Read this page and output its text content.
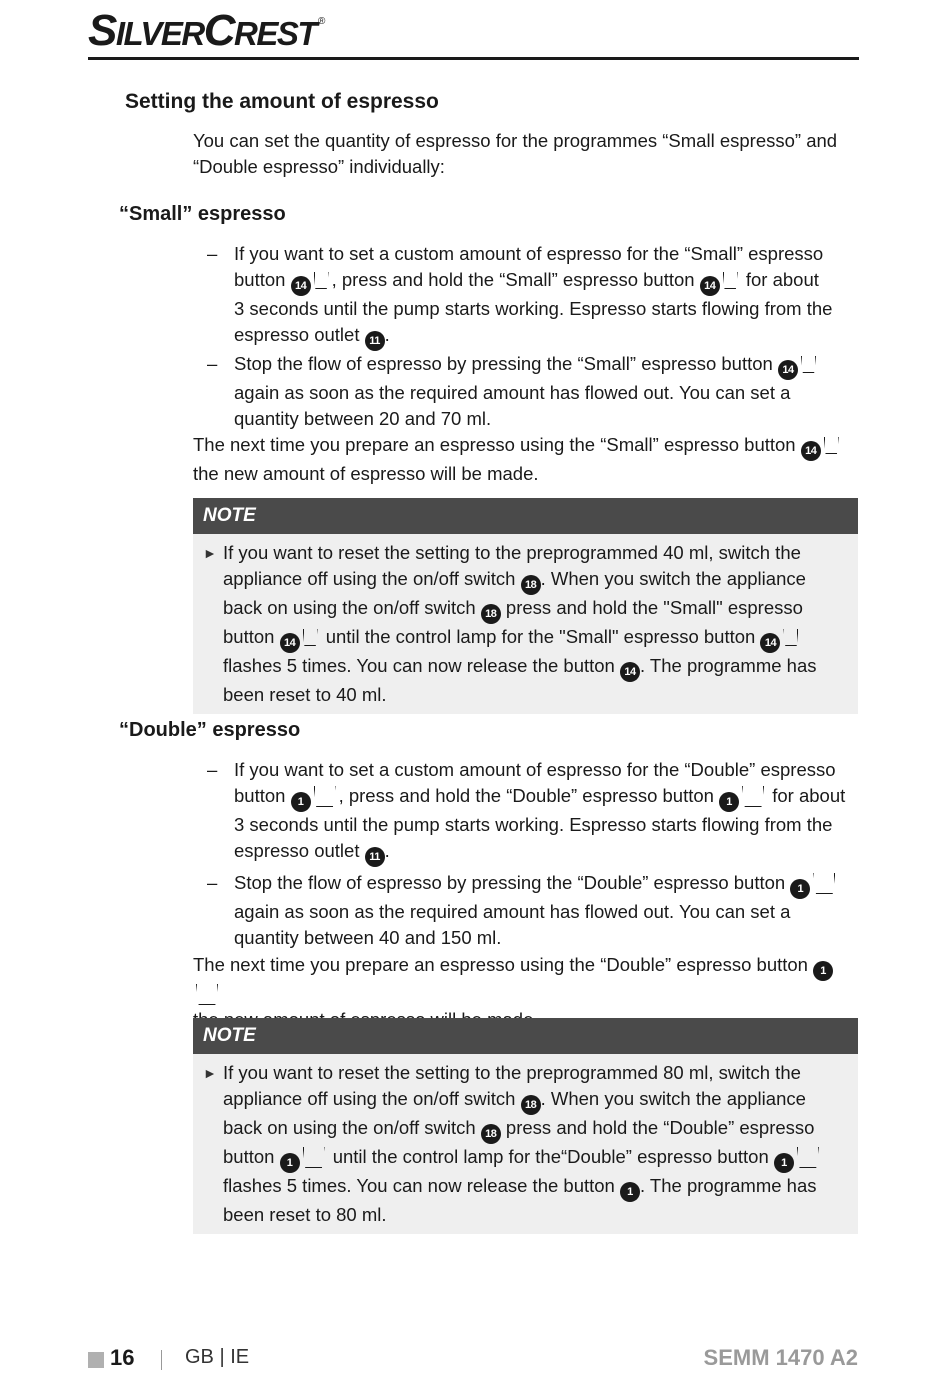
SILVERCREST ®
Setting the amount of espresso
You can set the quantity of espresso for the programmes “Small espresso” and
“Double espresso” individually:
“Small” espresso
– If you want to set a custom amount of espresso for the “Small” espresso
button 14 , press and hold the “Small” espresso button 14 for about
3 seconds until the pump starts working. Espresso starts flowing from the
espresso outlet 11 .
– Stop the flow of espresso by pressing the “Small” espresso button 14
again as soon as the required amount has flowed out. You can set a
quantity between 20 and 70 ml.
The next time you prepare an espresso using the “Small” espresso button 14
the new amount of espresso will be made.
NOTE
► If you want to reset the setting to the preprogrammed 40 ml, switch the
appliance off using the on/off switch 18 . When you switch the appliance
back on using the on/off switch 18 press and hold the "Small" espresso
button 14 until the control lamp for the "Small" espresso button 14
flashes 5 times. You can now release the button 14 . The programme has
been reset to 40 ml.
“Double” espresso
– If you want to set a custom amount of espresso for the “Double” espresso
button 1 , press and hold the “Double” espresso button 1 for about
3 seconds until the pump starts working. Espresso starts flowing from the
espresso outlet 11 .
– Stop the flow of espresso by pressing the “Double” espresso button 1
again as soon as the required amount has flowed out. You can set a
quantity between 40 and 150 ml.
The next time you prepare an espresso using the “Double” espresso button 1
NOTE
► If you want to reset the setting to the preprogrammed 80 ml, switch the
appliance off using the on/off switch 18 . When you switch the appliance
back on using the on/off switch 18 press and hold the “Double” espresso
button 1 until the control lamp for the“Double” espresso button 1
flashes 5 times. You can now release the button 1 . The programme has
been reset to 80 ml.
16	GB | IE	SEMM 1470 A2
